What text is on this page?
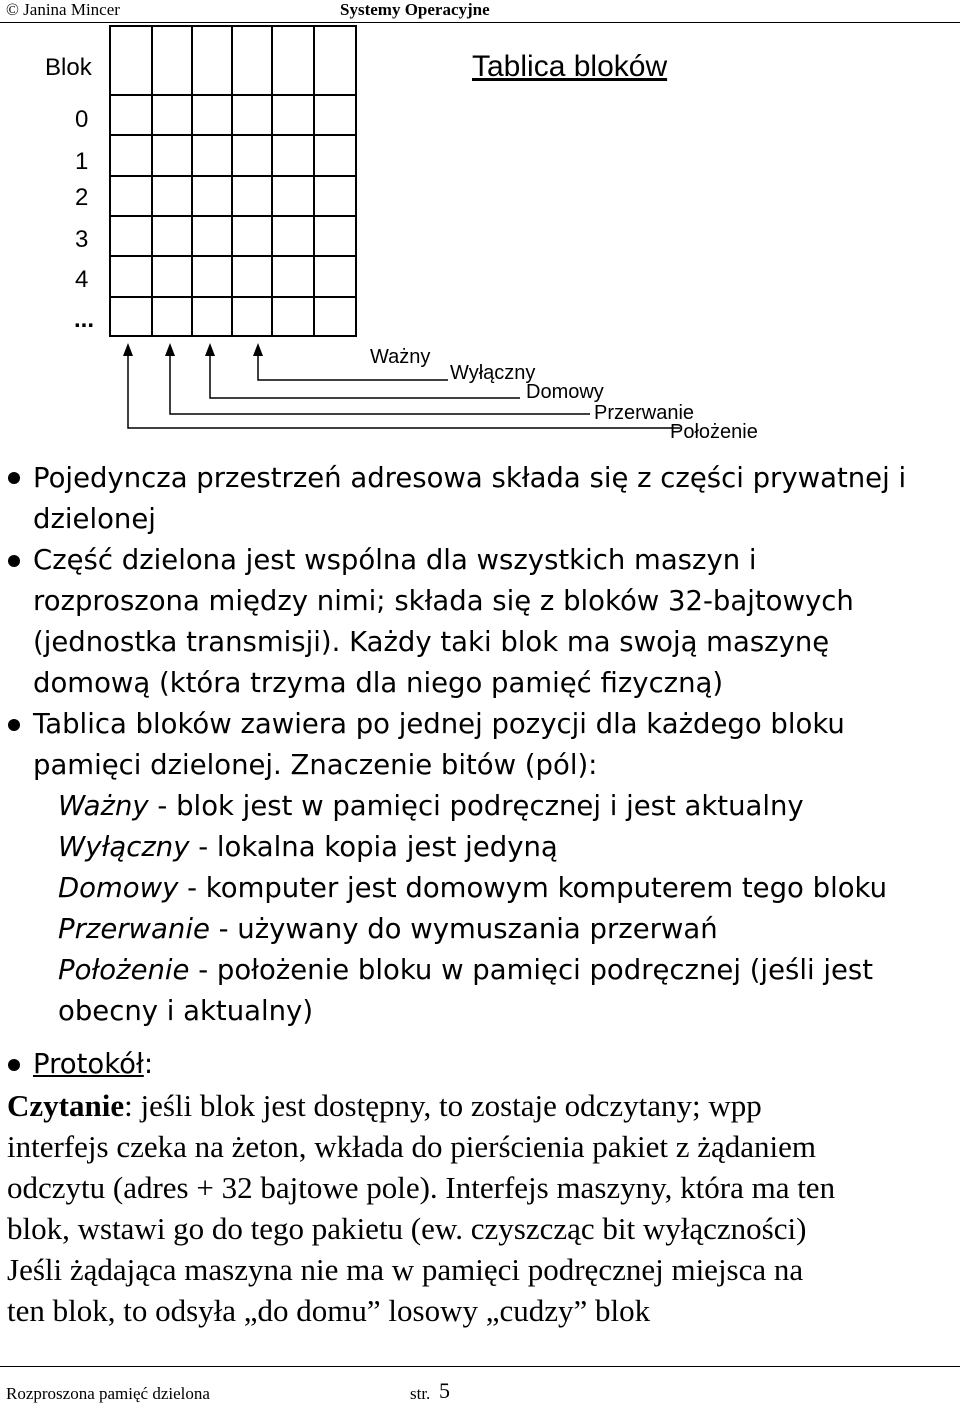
© Janina Mincer	Systemy Operacyjne
Blok	Tablica bloków
0
1
2
3
4
...
Ważny
Wyłączny
Domowy
Przerwanie
Położenie
Pojedyncza przestrzeń adresowa składa się z części prywatnej i
dzielonej
Część dzielona jest wspólna dla wszystkich maszyn i
rozproszona między nimi; składa się z bloków 32-bajtowych
(jednostka transmisji). Każdy taki blok ma swoją maszynę
domową (która trzyma dla niego pamięć fizyczną)
Tablica bloków zawiera po jednej pozycji dla każdego bloku
pamięci dzielonej. Znaczenie bitów (pól):
Ważny - blok jest w pamięci podręcznej i jest aktualny
Wyłączny - lokalna kopia jest jedyną
Domowy - komputer jest domowym komputerem tego bloku
Przerwanie - używany do wymuszania przerwań
Położenie - położenie bloku w pamięci podręcznej (jeśli jest
obecny i aktualny)
Protokół:
Czytanie: jeśli blok jest dostępny, to zostaje odczytany; wpp
interfejs czeka na żeton, wkłada do pierścienia pakiet z żądaniem
odczytu (adres + 32 bajtowe pole). Interfejs maszyny, która ma ten
blok, wstawi go do tego pakietu (ew. czyszcząc bit wyłączności)
Jeśli żądająca maszyna nie ma w pamięci podręcznej miejsca na
ten blok, to odsyła „do domu” losowy „cudzy” blok
Rozproszona pamięć dzielona	str. 5
